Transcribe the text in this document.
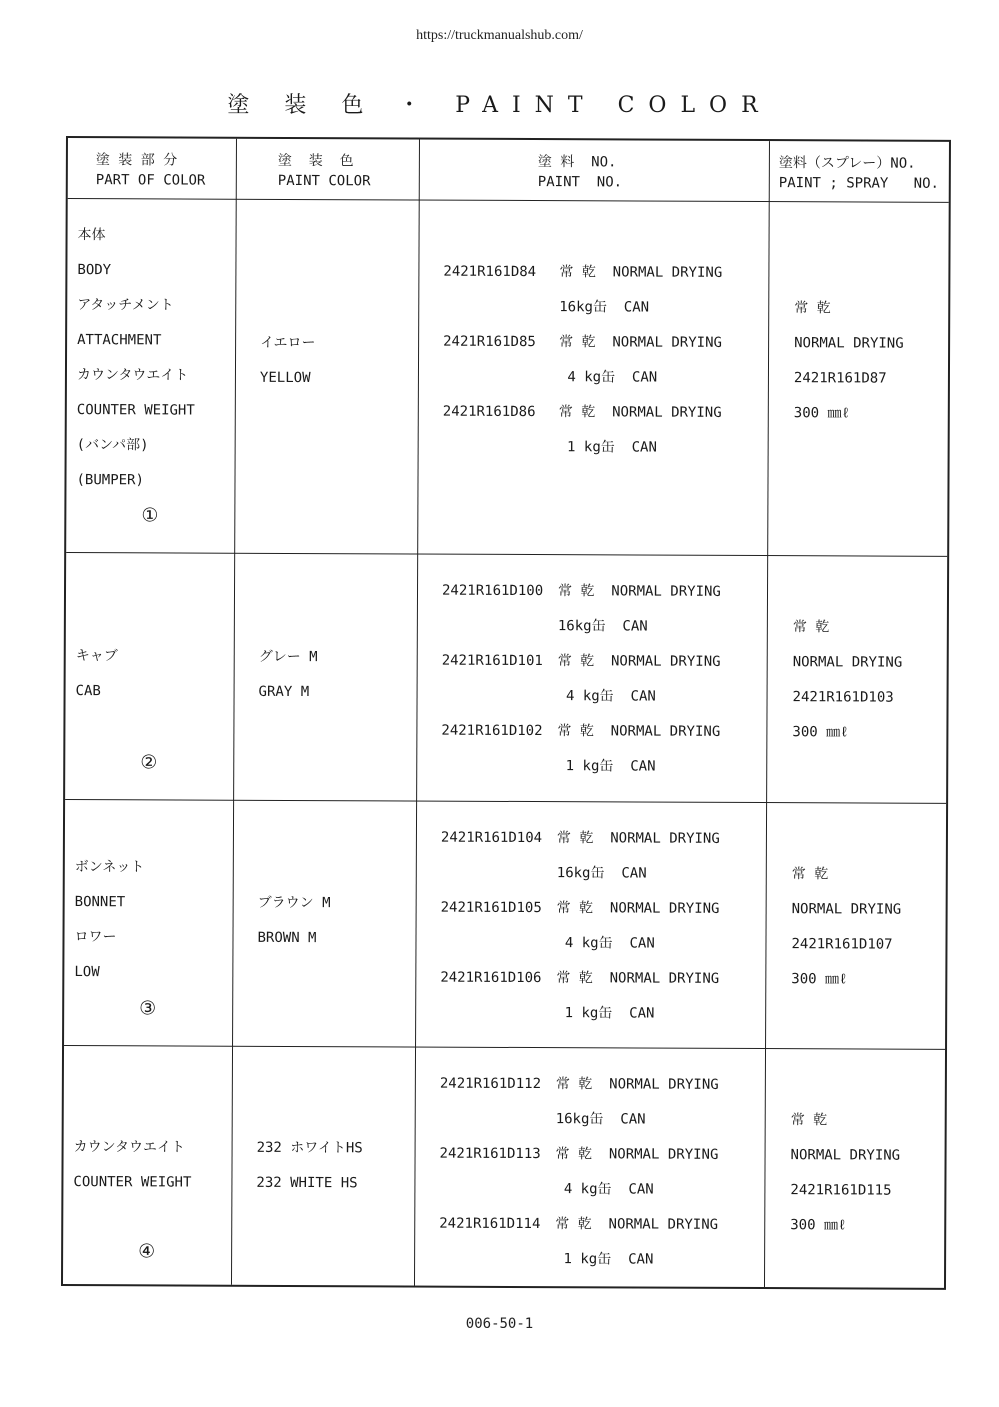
https://truckmanualshub.com/
塗 装 色 ・ PAINT COLOR
塗 装 部 分
PART OF COLOR
塗  装  色
PAINT COLOR
塗 料  NO.
PAINT  NO.
塗料（スプレー）NO.
PAINT ; SPRAY   NO.
本体
BODY
アタッチメント
ATTACHMENT
カウンタウエイト
COUNTER WEIGHT
(バンパ部)
(BUMPER)
①
イエロー
YELLOW
2421R161D84 常 乾  NORMAL DRYING
16kg缶  CAN
2421R161D85 常 乾  NORMAL DRYING
4 kg缶  CAN
2421R161D86 常 乾  NORMAL DRYING
1 kg缶  CAN
常 乾
NORMAL DRYING
2421R161D87
300 ㎜ℓ
キャブ
CAB
②
グレー M
GRAY M
2421R161D100 常 乾  NORMAL DRYING
16kg缶  CAN
2421R161D101 常 乾  NORMAL DRYING
4 kg缶  CAN
2421R161D102 常 乾  NORMAL DRYING
1 kg缶  CAN
常 乾
NORMAL DRYING
2421R161D103
300 ㎜ℓ
ボンネット
BONNET
ロワー
LOW
③
ブラウン M
BROWN M
2421R161D104 常 乾  NORMAL DRYING
16kg缶  CAN
2421R161D105 常 乾  NORMAL DRYING
4 kg缶  CAN
2421R161D106 常 乾  NORMAL DRYING
1 kg缶  CAN
常 乾
NORMAL DRYING
2421R161D107
300 ㎜ℓ
カウンタウエイト
COUNTER WEIGHT
④
232 ホワイトHS
232 WHITE HS
2421R161D112 常 乾  NORMAL DRYING
16kg缶  CAN
2421R161D113 常 乾  NORMAL DRYING
4 kg缶  CAN
2421R161D114 常 乾  NORMAL DRYING
1 kg缶  CAN
常 乾
NORMAL DRYING
2421R161D115
300 ㎜ℓ
006-50-1
